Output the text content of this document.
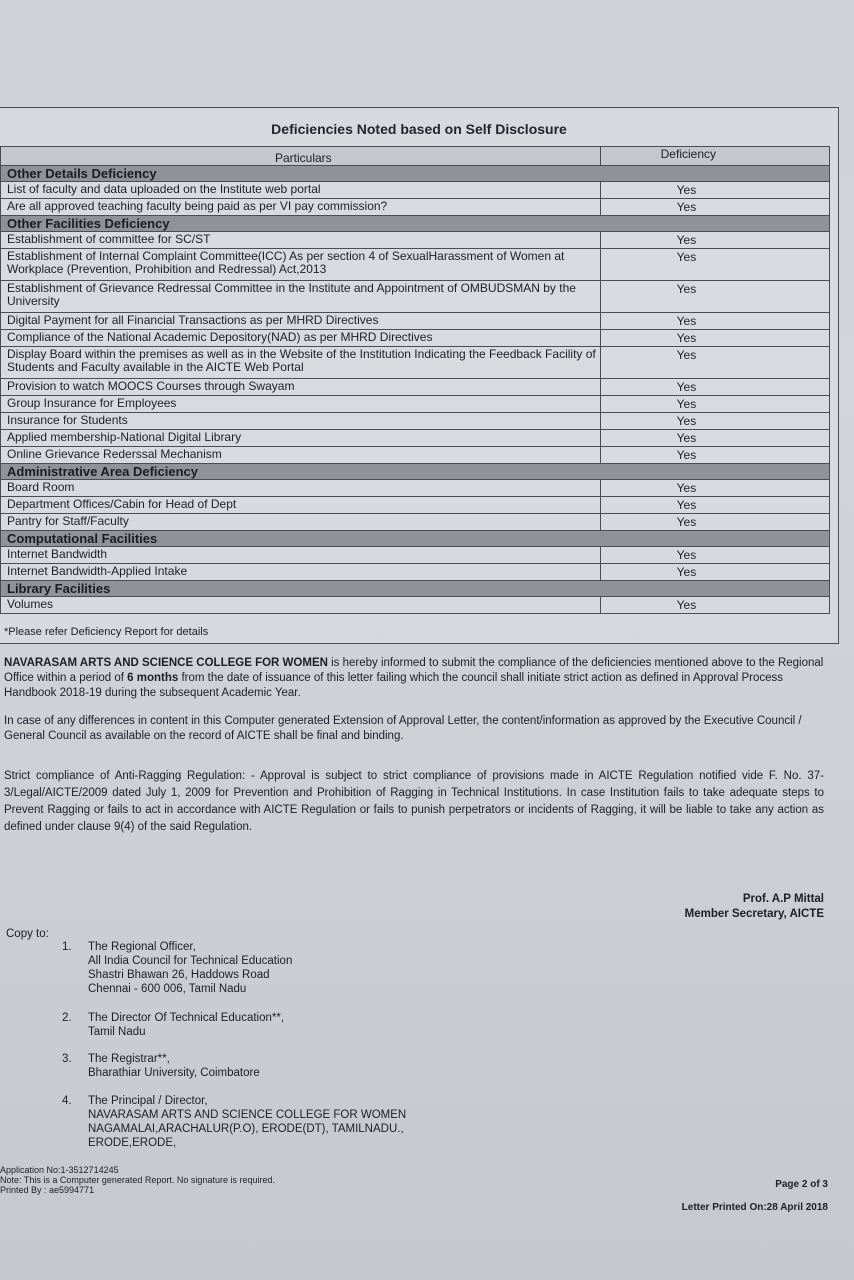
Deficiencies Noted based on Self Disclosure
Particulars	Deficiency
Other Details Deficiency	
List of faculty and data uploaded on the Institute web portal	Yes
Are all approved teaching faculty being paid as per VI pay commission?	Yes
Other Facilities Deficiency	
Establishment of committee for SC/ST	Yes
Establishment of Internal Complaint Committee(ICC) As per section 4 of SexualHarassment of Women at Workplace (Prevention, Prohibition and Redressal) Act,2013	Yes
Establishment of Grievance Redressal Committee in the Institute and Appointment of OMBUDSMAN by the University	Yes
Digital Payment for all Financial Transactions as per MHRD Directives	Yes
Compliance of the National Academic Depository(NAD) as per MHRD Directives	Yes
Display Board within the premises as well as in the Website of the Institution Indicating the Feedback Facility of Students and Faculty available in the AICTE Web Portal	Yes
Provision to watch MOOCS Courses through Swayam	Yes
Group Insurance for Employees	Yes
Insurance for Students	Yes
Applied membership-National Digital Library	Yes
Online Grievance Rederssal Mechanism	Yes
Administrative Area Deficiency	
Board Room	Yes
Department Offices/Cabin for Head of Dept	Yes
Pantry for Staff/Faculty	Yes
Computational Facilities	
Internet Bandwidth	Yes
Internet Bandwidth-Applied Intake	Yes
Library Facilities	
Volumes	Yes
*Please refer Deficiency Report for details
NAVARASAM ARTS AND SCIENCE COLLEGE FOR WOMEN is hereby informed to submit the compliance of the deficiencies mentioned above to the Regional Office within a period of 6 months from the date of issuance of this letter failing which the council shall initiate strict action as defined in Approval Process Handbook 2018-19 during the subsequent Academic Year.
In case of any differences in content in this Computer generated Extension of Approval Letter, the content/information as approved by the Executive Council / General Council as available on the record of AICTE shall be final and binding.
Strict compliance of Anti-Ragging Regulation: - Approval is subject to strict compliance of provisions made in AICTE Regulation notified vide F. No. 37-3/Legal/AICTE/2009 dated July 1, 2009 for Prevention and Prohibition of Ragging in Technical Institutions. In case Institution fails to take adequate steps to Prevent Ragging or fails to act in accordance with AICTE Regulation or fails to punish perpetrators or incidents of Ragging, it will be liable to take any action as defined under clause 9(4) of the said Regulation.
Prof. A.P Mittal
Member Secretary, AICTE
Copy to:
1. The Regional Officer,
All India Council for Technical Education
Shastri Bhawan 26, Haddows Road
Chennai - 600 006, Tamil Nadu
2. The Director Of Technical Education**,
Tamil Nadu
3. The Registrar**,
Bharathiar University, Coimbatore
4. The Principal / Director,
NAVARASAM ARTS AND SCIENCE COLLEGE FOR WOMEN
NAGAMALAI,ARACHALUR(P.O), ERODE(DT), TAMILNADU.,
ERODE,ERODE,
Application No:1-3512714245
Note: This is a Computer generated Report. No signature is required.
Printed By : ae5994771	Page 2 of 3
Letter Printed On:28 April 2018
